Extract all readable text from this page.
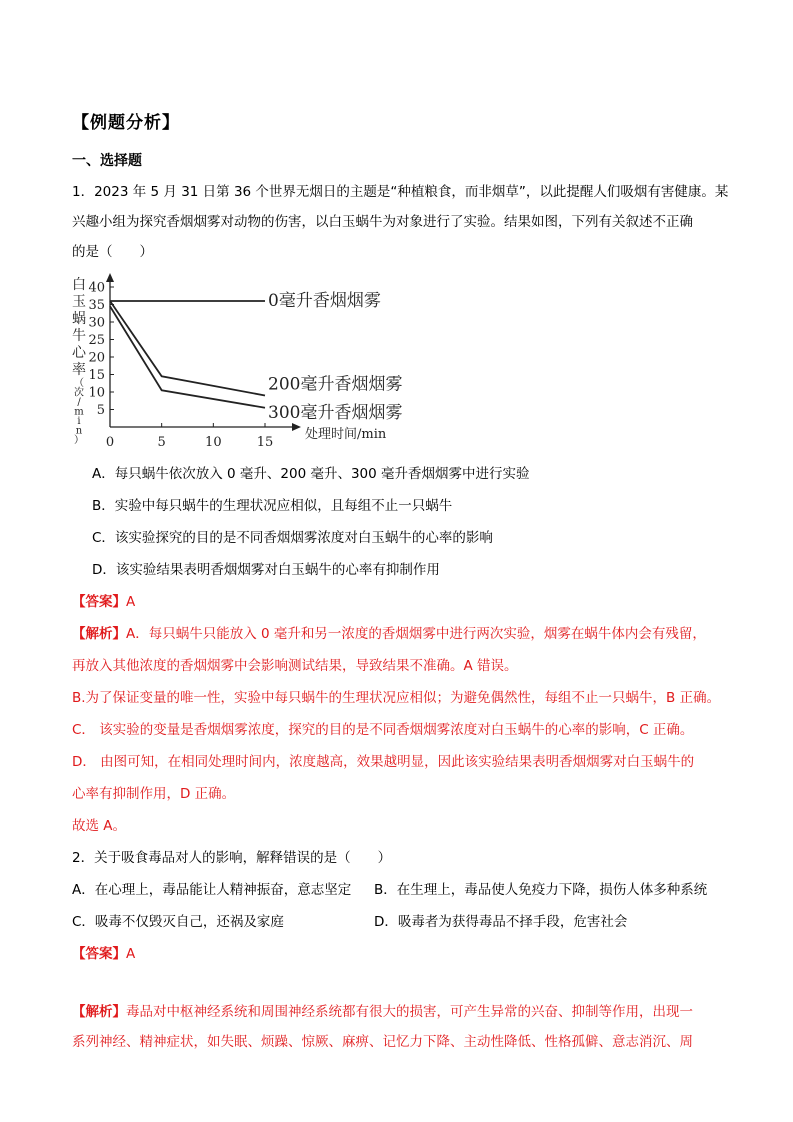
【例题分析】
一、选择题
1．2023 年 5 月 31 日第 36 个世界无烟日的主题是“种植粮食，而非烟草”，以此提醒人们吸烟有害健康。某
兴趣小组为探究香烟烟雾对动物的伤害，以白玉蜗牛为对象进行了实验。结果如图，下列有关叙述不正确
的是（　　）
5
10
15
20
25
30
35
40
0	5	10	15
处理时间/min
白
玉
蜗
牛
心
率
（
次
/
m
i
n
）
0毫升香烟烟雾
200毫升香烟烟雾
300毫升香烟烟雾
A．每只蜗牛依次放入 0 毫升、200 毫升、300 毫升香烟烟雾中进行实验
B．实验中每只蜗牛的生理状况应相似，且每组不止一只蜗牛
C．该实验探究的目的是不同香烟烟雾浓度对白玉蜗牛的心率的影响
D．该实验结果表明香烟烟雾对白玉蜗牛的心率有抑制作用
【答案】A
【解析】A．每只蜗牛只能放入 0 毫升和另一浓度的香烟烟雾中进行两次实验，烟雾在蜗牛体内会有残留，
再放入其他浓度的香烟烟雾中会影响测试结果，导致结果不准确。A 错误。
B.为了保证变量的唯一性，实验中每只蜗牛的生理状况应相似；为避免偶然性，每组不止一只蜗牛，B 正确。
C． 该实验的变量是香烟烟雾浓度，探究的目的是不同香烟烟雾浓度对白玉蜗牛的心率的影响，C 正确。
D． 由图可知，在相同处理时间内，浓度越高，效果越明显，因此该实验结果表明香烟烟雾对白玉蜗牛的
心率有抑制作用，D 正确。
故选 A。
2．关于吸食毒品对人的影响，解释错误的是（　　）
A．在心理上，毒品能让人精神振奋，意志坚定 B．在生理上，毒品使人免疫力下降，损伤人体多种系统
C．吸毒不仅毁灭自己，还祸及家庭	D．吸毒者为获得毒品不择手段，危害社会
【答案】A
【解析】毒品对中枢神经系统和周围神经系统都有很大的损害，可产生异常的兴奋、抑制等作用，出现一
系列神经、精神症状，如失眠、烦躁、惊厥、麻痹、记忆力下降、主动性降低、性格孤僻、意志消沉、周
